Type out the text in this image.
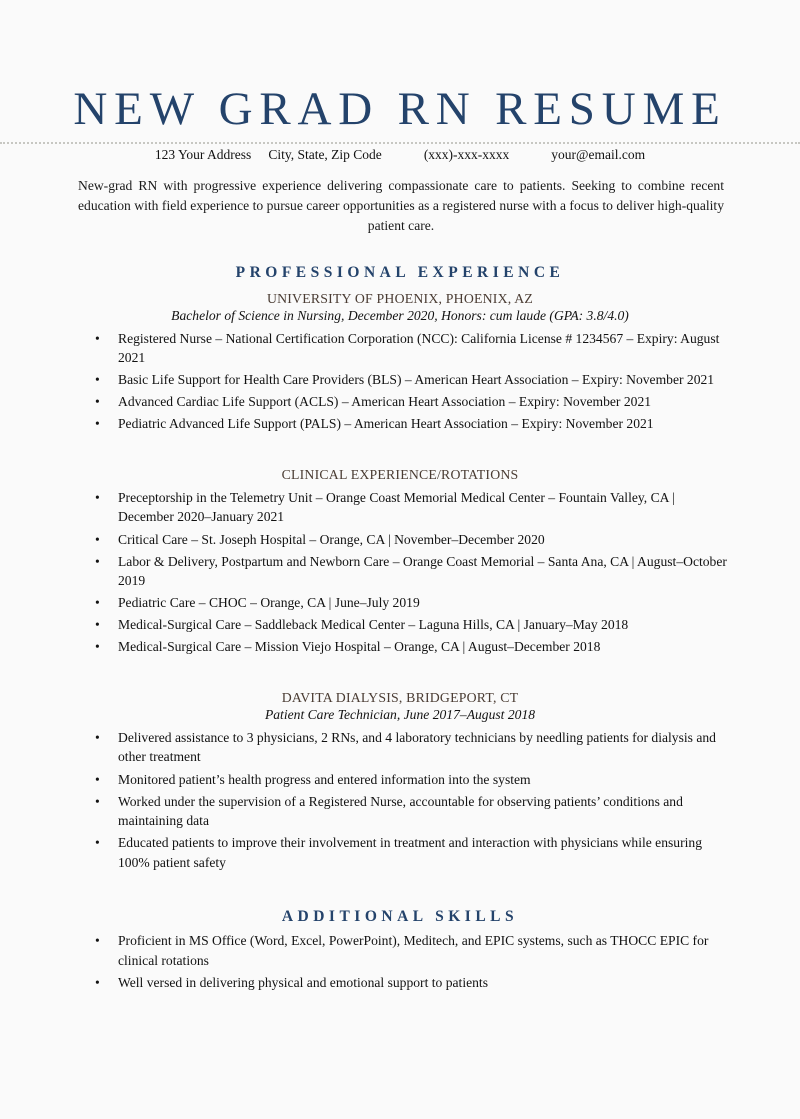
NEW GRAD RN RESUME
123 Your Address City, State, Zip Code	(xxx)-xxx-xxxx	your@email.com

New-grad RN with progressive experience delivering compassionate care to patients. Seeking to combine recent education with field experience to pursue career opportunities as a registered nurse with a focus to deliver high-quality patient care.

PROFESSIONAL EXPERIENCE
UNIVERSITY OF PHOENIX, PHOENIX, AZ

Bachelor of Science in Nursing, December 2020, Honors: cum laude (GPA: 3.8/4.0)

• Registered Nurse – National Certification Corporation (NCC): California License # 1234567 – Expiry: August 2021
• Basic Life Support for Health Care Providers (BLS) – American Heart Association – Expiry: November 2021
• Advanced Cardiac Life Support (ACLS) – American Heart Association – Expiry: November 2021
• Pediatric Advanced Life Support (PALS) – American Heart Association – Expiry: November 2021
CLINICAL EXPERIENCE/ROTATIONS
• Preceptorship in the Telemetry Unit – Orange Coast Memorial Medical Center – Fountain Valley, CA | December 2020–January 2021
• Critical Care – St. Joseph Hospital – Orange, CA | November–December 2020
• Labor & Delivery, Postpartum and Newborn Care – Orange Coast Memorial – Santa Ana, CA | August–October 2019
• Pediatric Care – CHOC – Orange, CA | June–July 2019
• Medical-Surgical Care – Saddleback Medical Center – Laguna Hills, CA | January–May 2018
• Medical-Surgical Care – Mission Viejo Hospital – Orange, CA | August–December 2018
DAVITA DIALYSIS, BRIDGEPORT, CT

Patient Care Technician, June 2017–August 2018

• Delivered assistance to 3 physicians, 2 RNs, and 4 laboratory technicians by needling patients for dialysis and other treatment
• Monitored patient’s health progress and entered information into the system
• Worked under the supervision of a Registered Nurse, accountable for observing patients’ conditions and maintaining data
• Educated patients to improve their involvement in treatment and interaction with physicians while ensuring 100% patient safety
ADDITIONAL SKILLS
• Proficient in MS Office (Word, Excel, PowerPoint), Meditech, and EPIC systems, such as THOCC EPIC for clinical rotations
• Well versed in delivering physical and emotional support to patients
